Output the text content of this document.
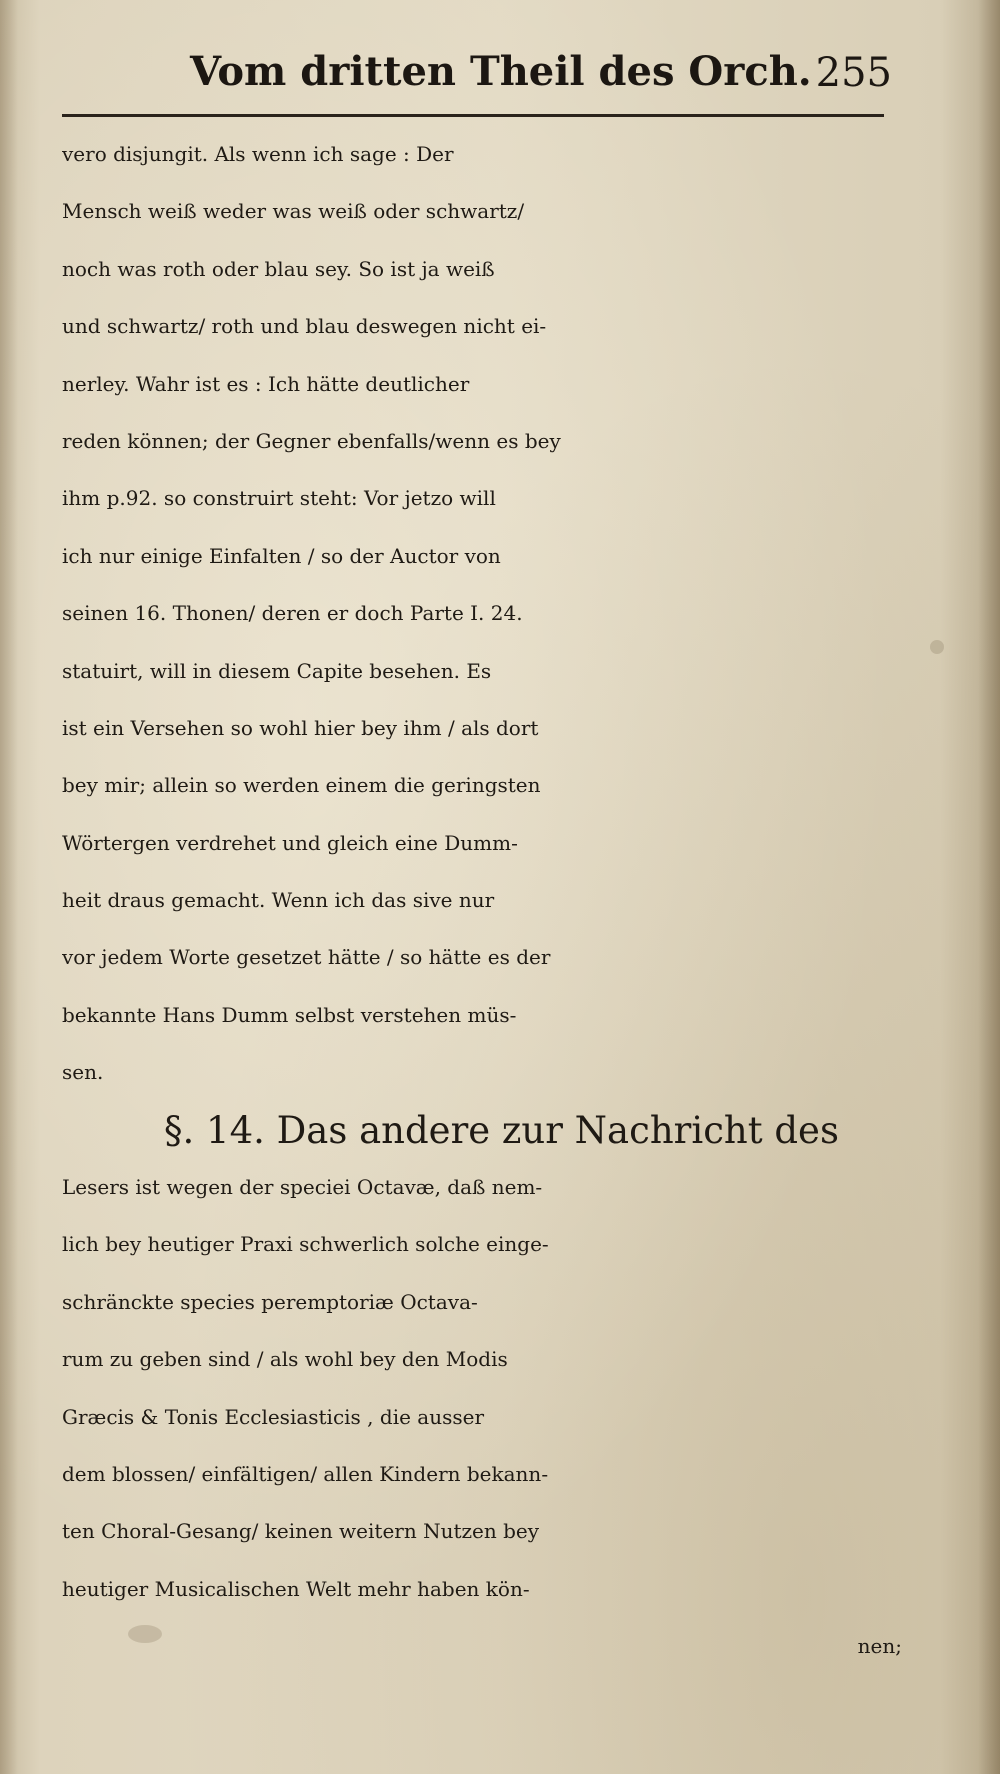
Vom dritten Theil des Orch. 255
vero disjungit. Als wenn ich sage : Der
Mensch weiß weder was weiß oder schwartz/
noch was roth oder blau sey. So ist ja weiß
und schwartz/ roth und blau deswegen nicht ei-
nerley. Wahr ist es : Ich hätte deutlicher
reden können; der Gegner ebenfalls/wenn es bey
ihm p.92. so construirt steht: Vor jetzo will
ich nur einige Einfalten / so der Auctor von
seinen 16. Thonen/ deren er doch Parte I. 24.
statuirt, will in diesem Capite besehen. Es
ist ein Versehen so wohl hier bey ihm / als dort
bey mir; allein so werden einem die geringsten
Wörtergen verdrehet und gleich eine Dumm-
heit draus gemacht. Wenn ich das sive nur
vor jedem Worte gesetzet hätte / so hätte es der
bekannte Hans Dumm selbst verstehen müs-
sen.
§. 14. Das andere zur Nachricht des
Lesers ist wegen der speciei Octavæ, daß nem-
lich bey heutiger Praxi schwerlich solche einge-
schränckte species peremptoriæ Octava-
rum zu geben sind / als wohl bey den Modis
Græcis & Tonis Ecclesiasticis , die ausser
dem blossen/ einfältigen/ allen Kindern bekann-
ten Choral-Gesang/ keinen weitern Nutzen bey
heutiger Musicalischen Welt mehr haben kön-
nen;
